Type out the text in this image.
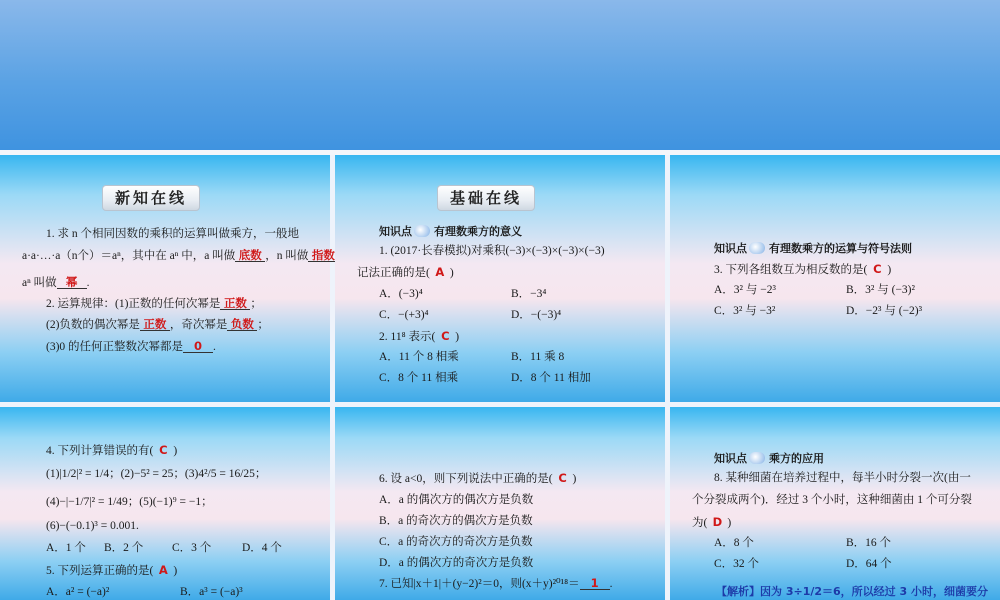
新知在线
1. 求 n 个相同因数的乘积的运算叫做乘方，一般地
a·a·…·a（n个）＝aⁿ，其中在 aⁿ 中，a 叫做 底数 ，n 叫做 指数
aⁿ 叫做 幂 .
2. 运算规律：(1)正数的任何次幂是 正数 ；
(2)负数的偶次幂是 正数 ，奇次幂是 负数 ；
(3)0 的任何正整数次幂都是 0 .
基础在线
知识点 有理数乘方的意义
1. (2017·长春模拟)对乘积(−3)×(−3)×(−3)×(−3)
记法正确的是( A )
A．(−3)⁴	B．−3⁴
C．−(+3)⁴	D．−(−3)⁴
2. 11⁸ 表示( C )
A．11 个 8 相乘	B．11 乘 8
C．8 个 11 相乘	D．8 个 11 相加
知识点 有理数乘方的运算与符号法则
3. 下列各组数互为相反数的是( C )
A．3² 与 −2³	B．3² 与 (−3)²
C．3² 与 −3²	D．−2³ 与 (−2)³
4. 下列计算错误的有( C )
(1)|1/2|² = 1/4；(2)−5² = 25；(3)4²/5 = 16/25；
(4)−|−1/7|² = 1/49；(5)(−1)⁹ = −1；
(6)−(−0.1)³ = 0.001.
A．1 个 B．2 个 C．3 个	D．4 个
5. 下列运算正确的是( A )
A．a² = (−a)²	B．a³ = (−a)³
6. 设 a<0，则下列说法中正确的是( C )
A．a 的偶次方的偶次方是负数
B．a 的奇次方的偶次方是负数
C．a 的奇次方的奇次方是负数
D．a 的偶次方的奇次方是负数
7. 已知|x＋1|＋(y−2)²＝0，则(x＋y)²⁰¹⁸＝ 1 .
知识点 乘方的应用
8. 某种细菌在培养过程中，每半小时分裂一次(由一
个分裂成两个)．经过 3 个小时，这种细菌由 1 个可分裂
为( D )
A．8 个	B．16 个
C．32 个	D．64 个
【解析】因为 3÷1/2＝6，所以经过 3 小时，细菌要分
